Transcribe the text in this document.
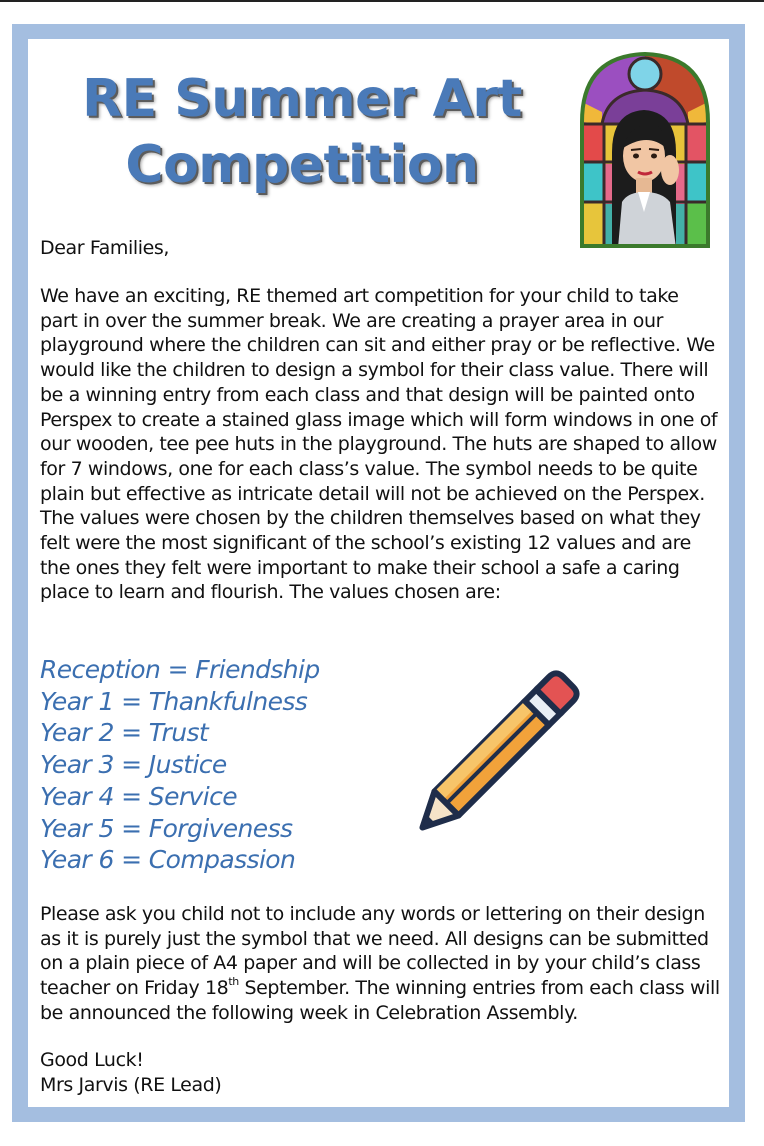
RE Summer Art
Competition
Dear Families,
We have an exciting, RE themed art competition for your child to take part in over the summer break. We are creating a prayer area in our playground where the children can sit and either pray or be reflective. We would like the children to design a symbol for their class value. There will be a winning entry from each class and that design will be painted onto Perspex to create a stained glass image which will form windows in one of our wooden, tee pee huts in the playground. The huts are shaped to allow for 7 windows, one for each class’s value. The symbol needs to be quite plain but effective as intricate detail will not be achieved on the Perspex. The values were chosen by the children themselves based on what they felt were the most significant of the school’s existing 12 values and are the ones they felt were important to make their school a safe a caring place to learn and flourish. The values chosen are:
Reception = Friendship
Year 1 = Thankfulness
Year 2 = Trust
Year 3 = Justice
Year 4 = Service
Year 5 = Forgiveness
Year 6 = Compassion
Please ask you child not to include any words or lettering on their design as it is purely just the symbol that we need. All designs can be submitted on a plain piece of A4 paper and will be collected in by your child’s class teacher on Friday 18th September. The winning entries from each class will be announced the following week in Celebration Assembly.
Good Luck!
Mrs Jarvis (RE Lead)
